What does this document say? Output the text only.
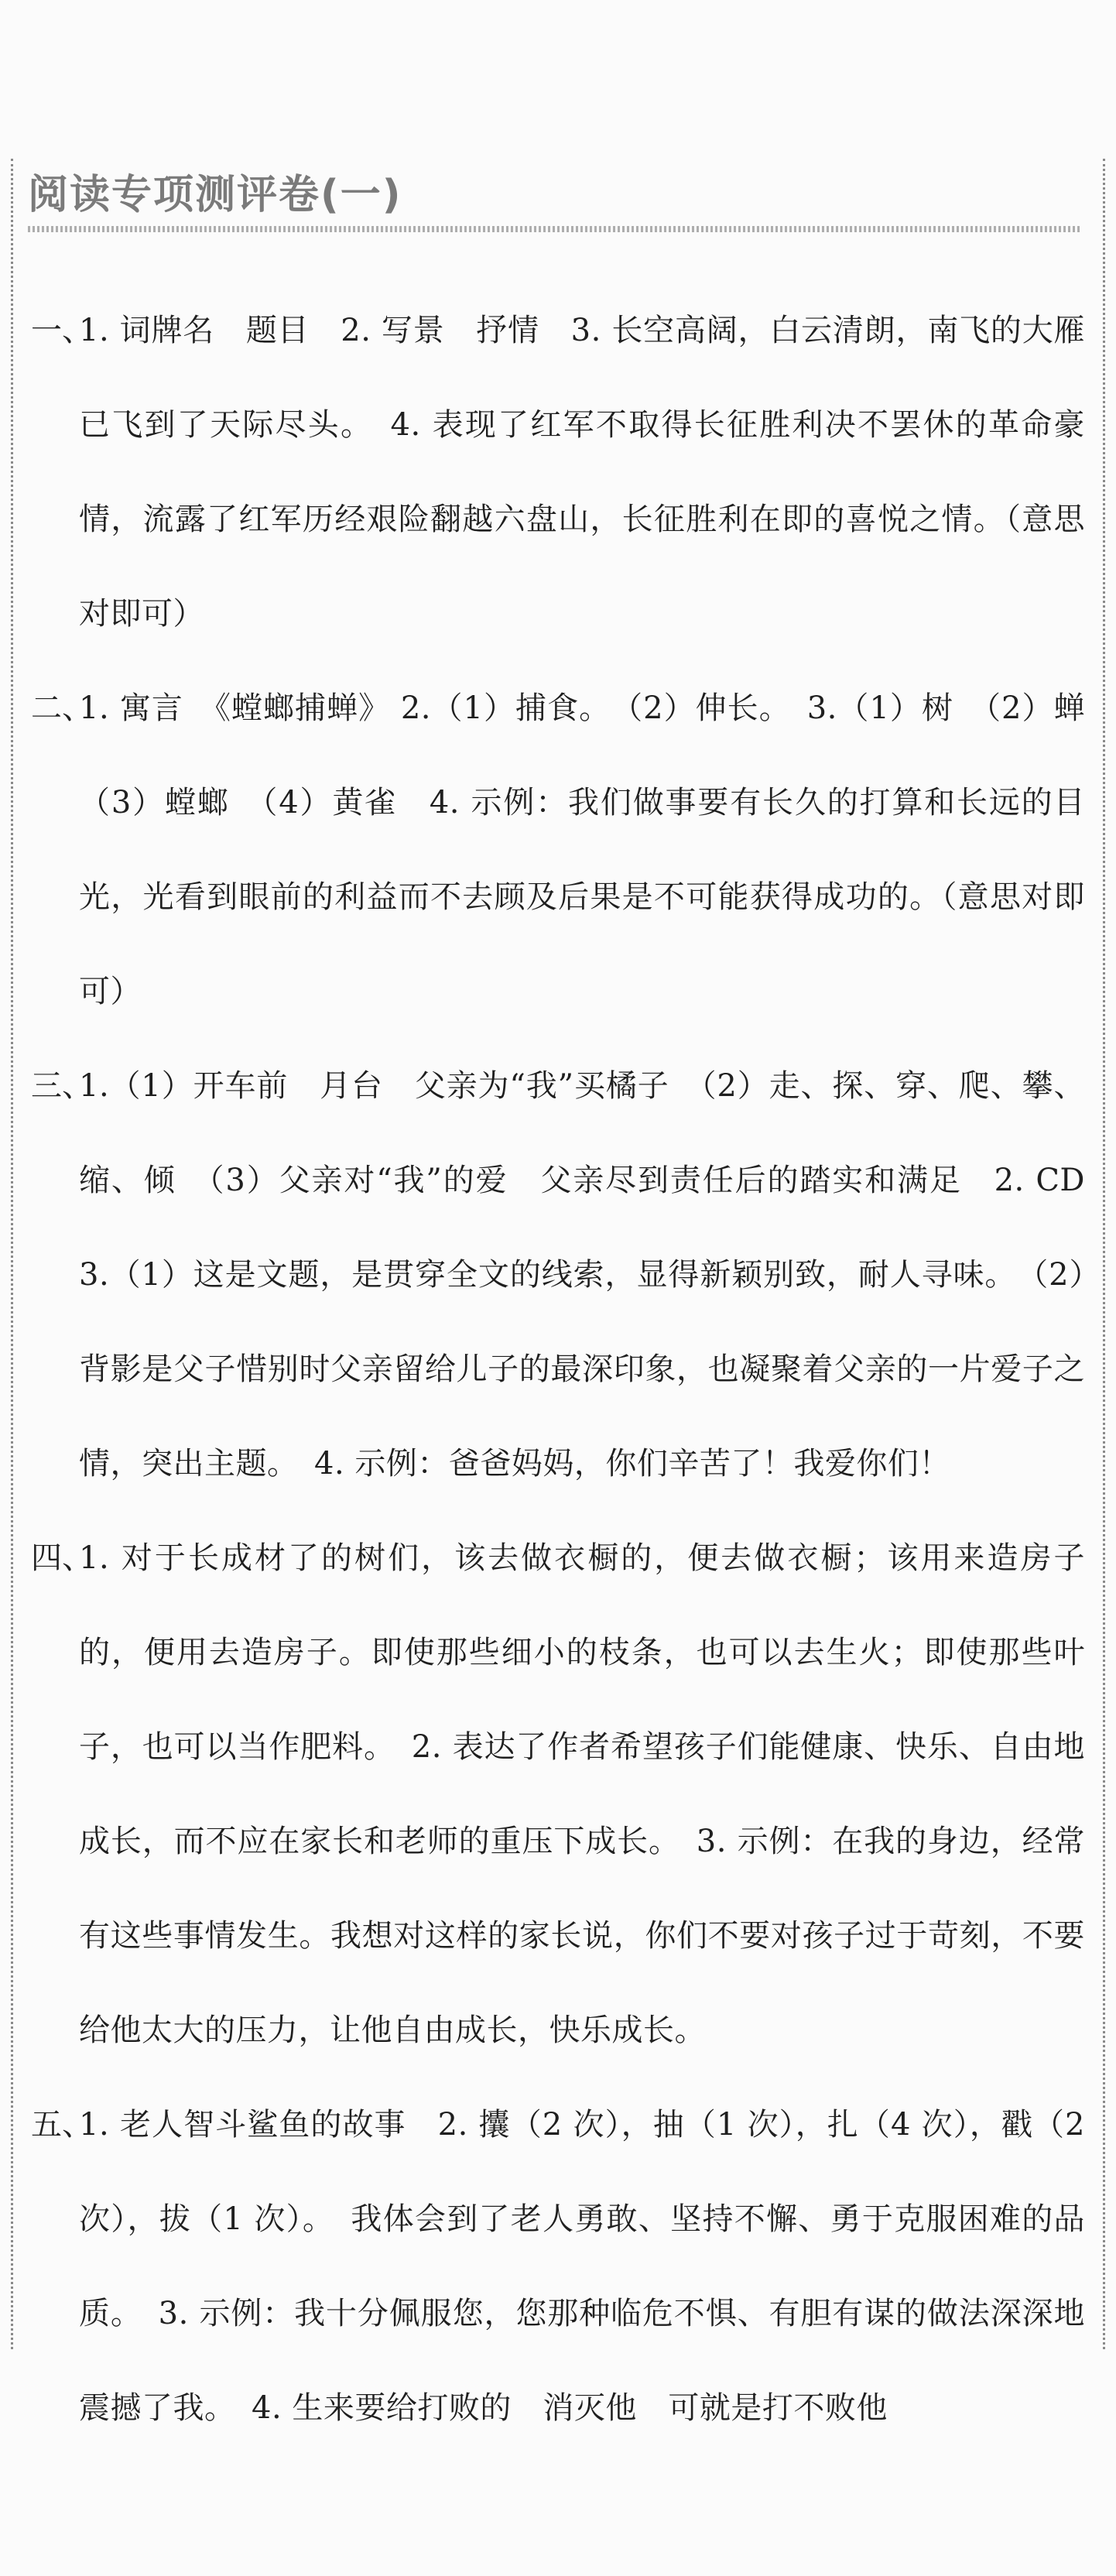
阅读专项测评卷(一)
一、

1. 词牌名　题目　2. 写景　抒情　3. 长空高阔，白云清朗，南飞的大雁已飞到了天际尽头。　4. 表现了红军不取得长征胜利决不罢休的革命豪情，流露了红军历经艰险翻越六盘山，长征胜利在即的喜悦之情。（意思对即可）

二、

1. 寓言　《螳螂捕蝉》 2.（1）捕食。　（2）伸长。　3.（1）树　（2）蝉　（3）螳螂　（4）黄雀　4. 示例：我们做事要有长久的打算和长远的目光，光看到眼前的利益而不去顾及后果是不可能获得成功的。（意思对即可）

三、

1.（1）开车前　月台　父亲为“我”买橘子　（2）走、探、穿、爬、攀、缩、倾　（3）父亲对“我”的爱　父亲尽到责任后的踏实和满足　2. CD　3.（1）这是文题，是贯穿全文的线索，显得新颖别致，耐人寻味。　（2）背影是父子惜别时父亲留给儿子的最深印象，也凝聚着父亲的一片爱子之情，突出主题。　4. 示例：爸爸妈妈，你们辛苦了！我爱你们！

四、

1. 对于长成材了的树们，该去做衣橱的，便去做衣橱；该用来造房子的，便用去造房子。即使那些细小的枝条，也可以去生火；即使那些叶子，也可以当作肥料。　2. 表达了作者希望孩子们能健康、快乐、自由地成长，而不应在家长和老师的重压下成长。　3. 示例：在我的身边，经常有这些事情发生。我想对这样的家长说，你们不要对孩子过于苛刻，不要给他太大的压力，让他自由成长，快乐成长。

五、

1. 老人智斗鲨鱼的故事　2. 攮（2 次），抽（1 次），扎（4 次），戳（2 次），拔（1 次）。　我体会到了老人勇敢、坚持不懈、勇于克服困难的品质。　3. 示例：我十分佩服您，您那种临危不惧、有胆有谋的做法深深地震撼了我。　4. 生来要给打败的　消灭他　可就是打不败他
